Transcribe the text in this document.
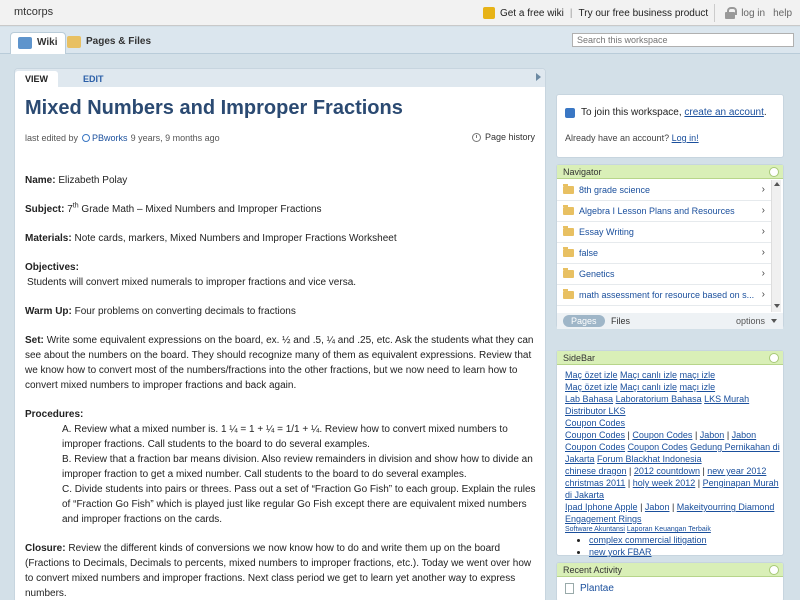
mtcorps	Get a free wiki | Try our free business product	log in help
Wiki	Pages & Files
Search this workspace
VIEW	EDIT
Mixed Numbers and Improper Fractions
last edited by PBworks 9 years, 9 months ago	Page history

Name: Elizabeth Polay

Subject: 7th Grade Math – Mixed Numbers and Improper Fractions

Materials: Note cards, markers, Mixed Numbers and Improper Fractions Worksheet

Objectives:
Students will convert mixed numerals to improper fractions and vice versa.

Warm Up: Four problems on converting decimals to fractions

Set: Write some equivalent expressions on the board, ex. ½ and .5, ¼ and .25, etc. Ask the students what they can see about the numbers on the board. They should recognize many of them as equivalent expressions. Review that we know how to convert most of the numbers/fractions into the other fractions, but we now need to learn how to convert mixed numbers to improper fractions and back again.

Procedures:
A. Review what a mixed number is. 1 ¼ = 1 + ¼ = 1/1 + ¼. Review how to convert mixed numbers to improper fractions. Call students to the board to do several examples.
B. Review that a fraction bar means division. Also review remainders in division and show how to divide an improper fraction to get a mixed number. Call students to the board to do several examples.
C. Divide students into pairs or threes. Pass out a set of “Fraction Go Fish” to each group. Explain the rules of “Fraction Go Fish” which is played just like regular Go Fish except there are equivalent mixed numbers and improper fractions on the cards.

Closure: Review the different kinds of conversions we now know how to do and write them up on the board (Fractions to Decimals, Decimals to percents, mixed numbers to improper fractions, etc.). Today we went over how to convert mixed numbers and improper fractions. Next class period we get to learn yet another way to express numbers.

To join this workspace,
create an account .
Already have an account? Log in!
Navigator
8th grade science	›
Algebra I Lesson Plans and Resources	›
Essay Writing	›
false	›
Genetics	›
math assessment for resource based on s... ›
Pages	Files	options
SideBar
Maç özet izle Maçı canlı izle maçı izle
Maç özet izle Maçı canlı izle maçı izle
Lab Bahasa Laboratorium Bahasa LKS Murah Distributor LKS
Coupon Codes
Coupon Codes | Coupon Codes | Jabon | Jabon
Coupon Codes Coupon Codes Gedung Pernikahan di Jakarta Forum Blackhat Indonesia
chinese dragon | 2012 countdown | new year 2012
christmas 2011 | holy week 2012 | Penginapan Murah di Jakarta
Ipad Iphone Apple | Jabon | Makeityourring Diamond Engagement Rings
Software Akuntansi Laporan Keuangan Terbaik
• complex commercial litigation
• new york FBAR
Recent Activity
Plantae
